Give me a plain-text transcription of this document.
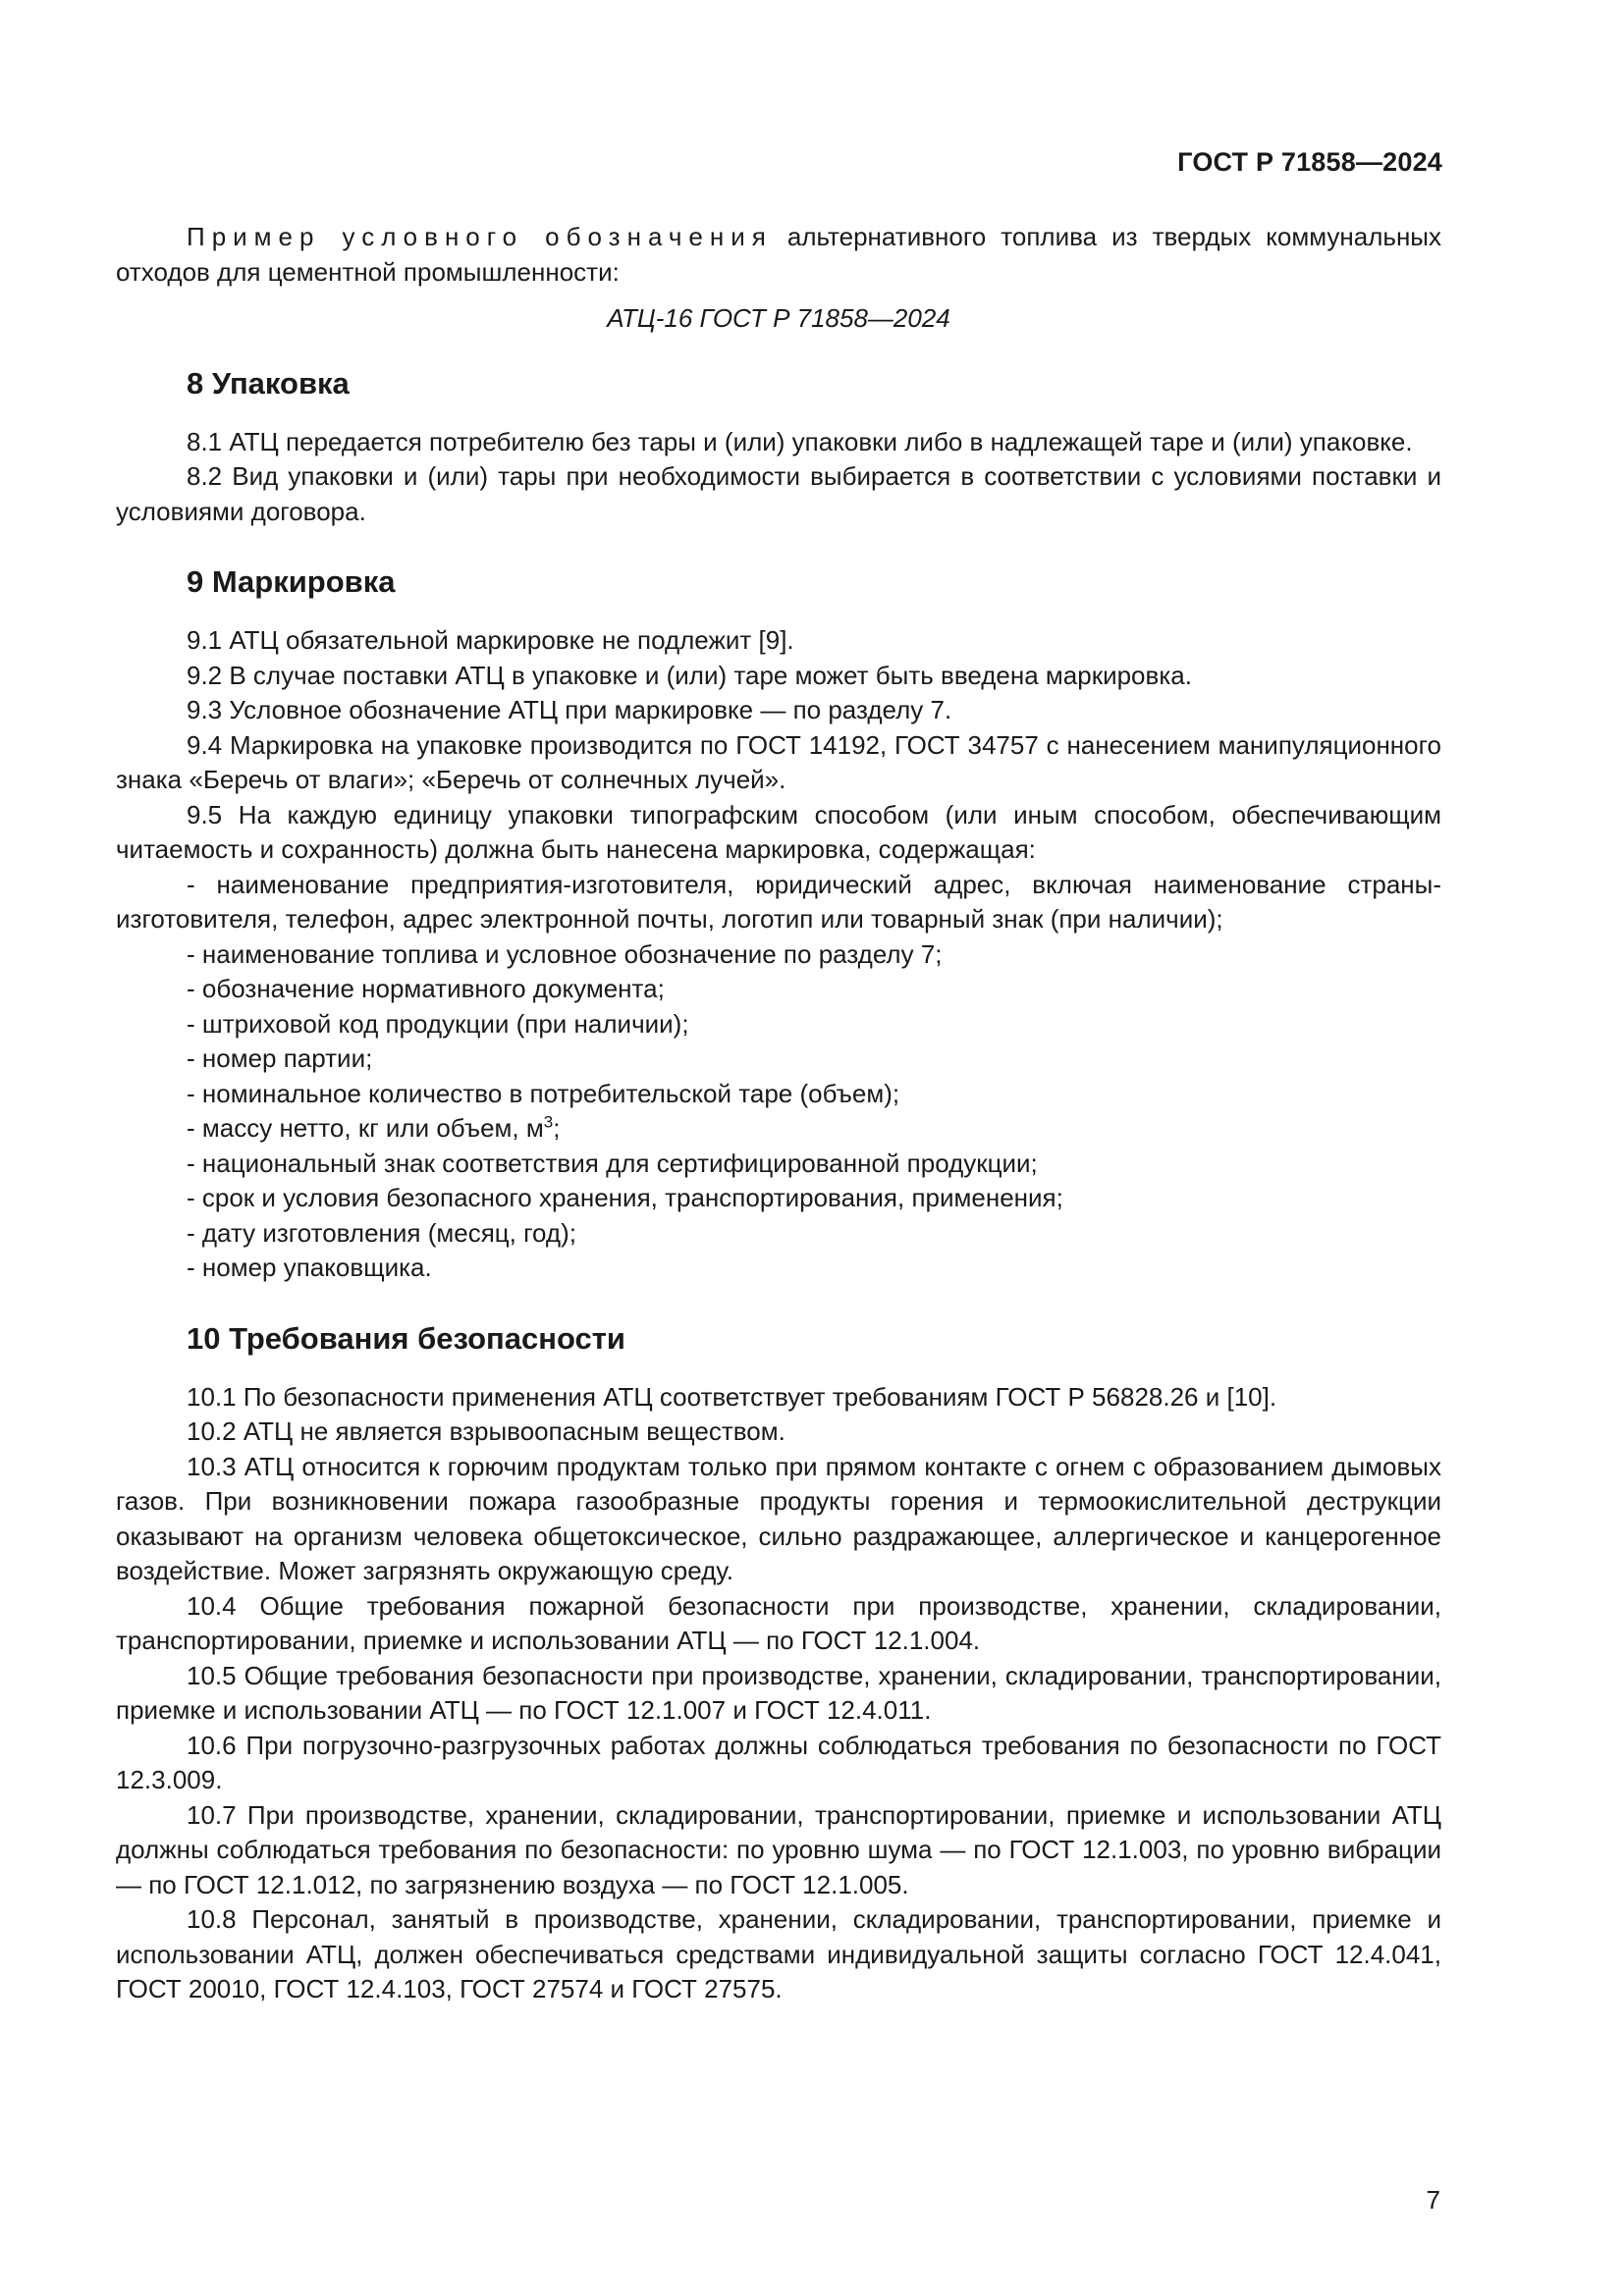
ГОСТ Р 71858—2024

Пример условного обозначения альтернативного топлива из твердых коммунальных отходов для цементной промышленности:

АТЦ-16 ГОСТ Р 71858—2024

8 Упаковка

8.1 АТЦ передается потребителю без тары и (или) упаковки либо в надлежащей таре и (или) упаковке.

8.2 Вид упаковки и (или) тары при необходимости выбирается в соответствии с условиями поставки и условиями договора.

9 Маркировка

9.1 АТЦ обязательной маркировке не подлежит [9].

9.2 В случае поставки АТЦ в упаковке и (или) таре может быть введена маркировка.

9.3 Условное обозначение АТЦ при маркировке — по разделу 7.

9.4 Маркировка на упаковке производится по ГОСТ 14192, ГОСТ 34757 с нанесением манипуляционного знака «Беречь от влаги»; «Беречь от солнечных лучей».

9.5 На каждую единицу упаковки типографским способом (или иным способом, обеспечивающим читаемость и сохранность) должна быть нанесена маркировка, содержащая:

- наименование предприятия-изготовителя, юридический адрес, включая наименование страны-изготовителя, телефон, адрес электронной почты, логотип или товарный знак (при наличии);

- наименование топлива и условное обозначение по разделу 7;

- обозначение нормативного документа;

- штриховой код продукции (при наличии);

- номер партии;

- номинальное количество в потребительской таре (объем);

- массу нетто, кг или объем, $м^3$;

- национальный знак соответствия для сертифицированной продукции;

- срок и условия безопасного хранения, транспортирования, применения;

- дату изготовления (месяц, год);

- номер упаковщика.

10 Требования безопасности

10.1 По безопасности применения АТЦ соответствует требованиям ГОСТ Р 56828.26 и [10].

10.2 АТЦ не является взрывоопасным веществом.

10.3 АТЦ относится к горючим продуктам только при прямом контакте с огнем с образованием дымовых газов. При возникновении пожара газообразные продукты горения и термоокислительной деструкции оказывают на организм человека общетоксическое, сильно раздражающее, аллергическое и канцерогенное воздействие. Может загрязнять окружающую среду.

10.4 Общие требования пожарной безопасности при производстве, хранении, складировании, транспортировании, приемке и использовании АТЦ — по ГОСТ 12.1.004.

10.5 Общие требования безопасности при производстве, хранении, складировании, транспортировании, приемке и использовании АТЦ — по ГОСТ 12.1.007 и ГОСТ 12.4.011.

10.6 При погрузочно-разгрузочных работах должны соблюдаться требования по безопасности по ГОСТ 12.3.009.

10.7 При производстве, хранении, складировании, транспортировании, приемке и использовании АТЦ должны соблюдаться требования по безопасности: по уровню шума — по ГОСТ 12.1.003, по уровню вибрации — по ГОСТ 12.1.012, по загрязнению воздуха — по ГОСТ 12.1.005.

10.8 Персонал, занятый в производстве, хранении, складировании, транспортировании, приемке и использовании АТЦ, должен обеспечиваться средствами индивидуальной защиты согласно ГОСТ 12.4.041, ГОСТ 20010, ГОСТ 12.4.103, ГОСТ 27574 и ГОСТ 27575.

7
